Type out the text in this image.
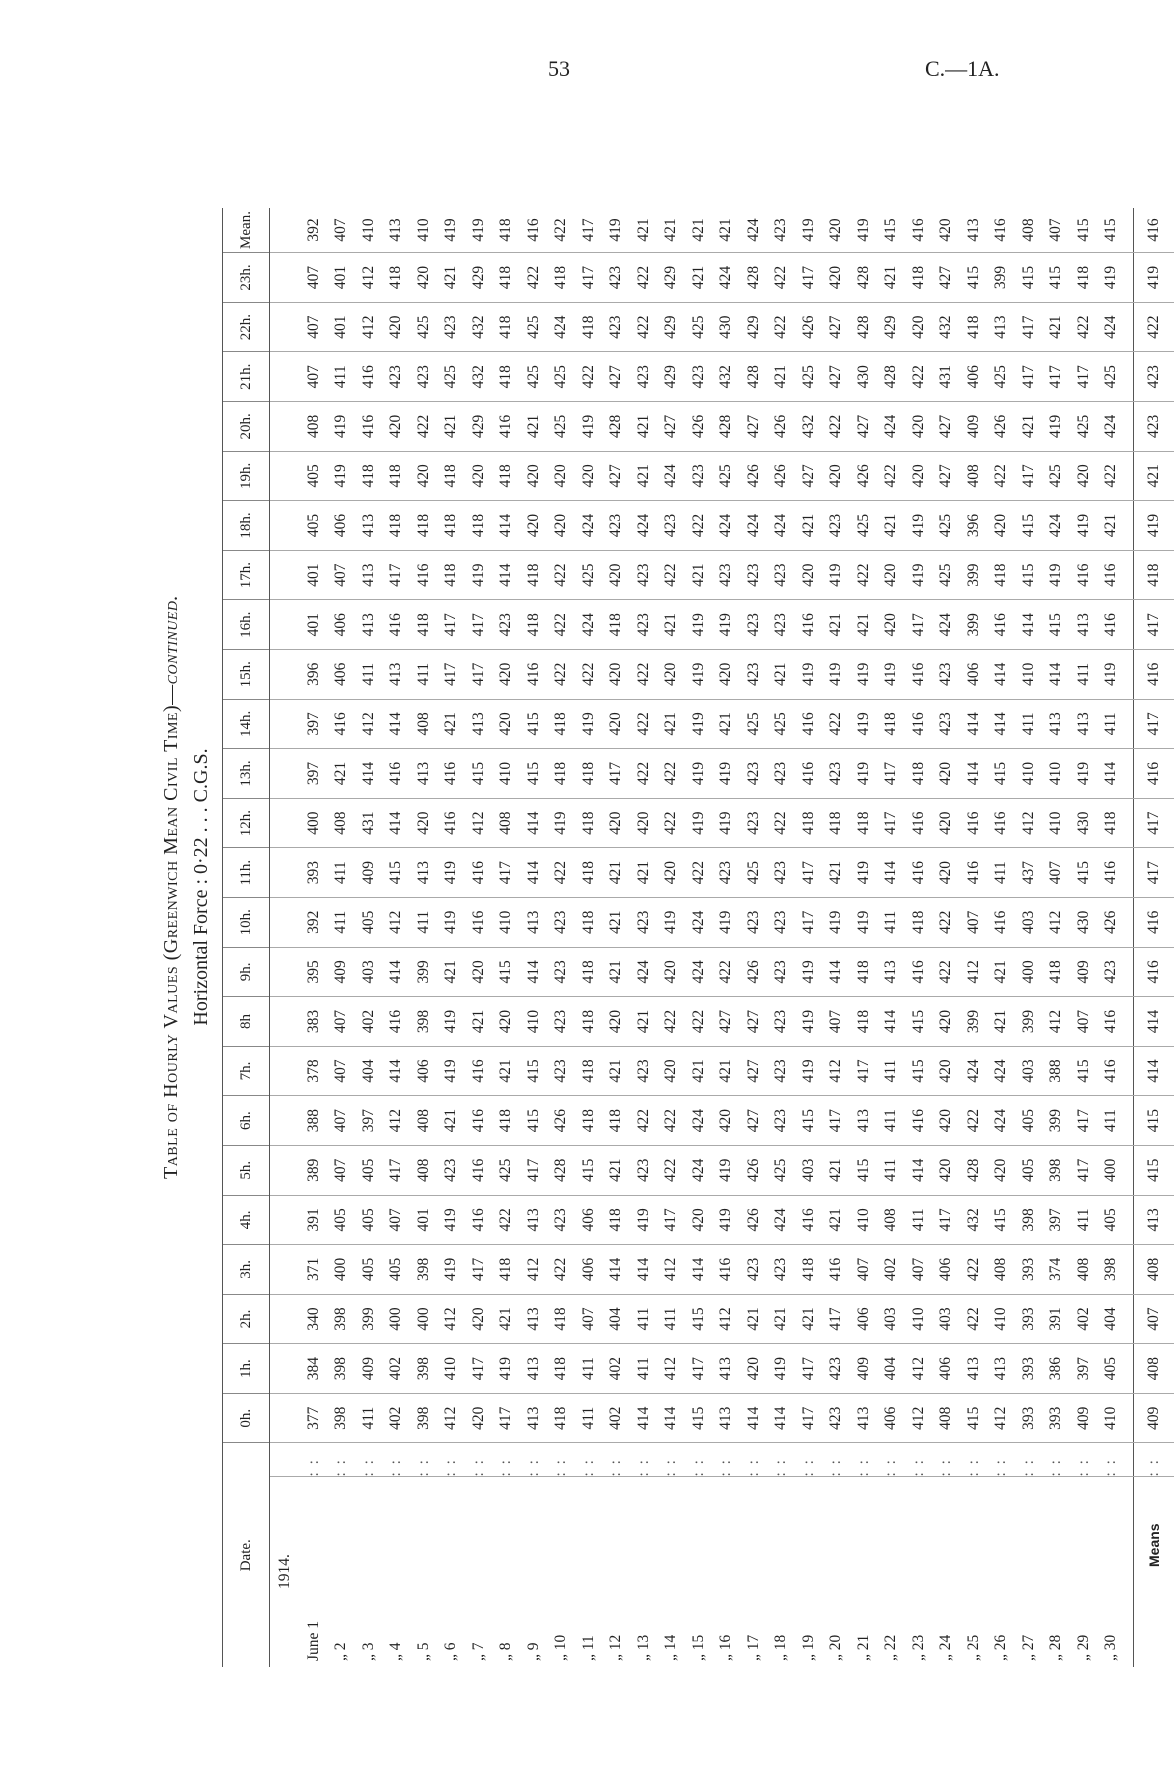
53	C.—1A.
Table of Hourly Values (Greenwich Mean Civil Time)—continued.
Horizontal Force : 0·22 . . . C.G.S.
Date.		0h.	1h.	2h.	3h.	4h.	5h.	6h.	7h.	8h	9h.	10h.	11h.	12h.	13h.	14h.	15h.	16h.	17h.	18h.	19h.	20h.	21h.	22h.	23h.	Mean.
1914.																										
June 1	: :	377	384	340	371	391	389	388	378	383	395	392	393	400	397	397	396	401	401	405	405	408	407	407	407	392
„ 2	: :	398	398	398	400	405	407	407	407	407	409	411	411	408	421	416	406	406	407	406	419	419	411	401	401	407
„ 3	: :	411	409	399	405	405	405	397	404	402	403	405	409	431	414	412	411	413	413	413	418	416	416	412	412	410
„ 4	: :	402	402	400	405	407	417	412	414	416	414	412	415	414	416	414	413	416	417	418	418	420	423	420	418	413
„ 5	: :	398	398	400	398	401	408	408	406	398	399	411	413	420	413	408	411	418	416	418	420	422	423	425	420	410
„ 6	: :	412	410	412	419	419	423	421	419	419	421	419	419	416	416	421	417	417	418	418	418	421	425	423	421	419
„ 7	: :	420	417	420	417	416	416	416	416	421	420	416	416	412	415	413	417	417	419	418	420	429	432	432	429	419
„ 8	: :	417	419	421	418	422	425	418	421	420	415	410	417	408	410	420	420	423	414	414	418	416	418	418	418	418
„ 9	: :	413	413	413	412	413	417	415	415	410	414	413	414	414	415	415	416	418	418	420	420	421	425	425	422	416
„ 10	: :	418	418	418	422	423	428	426	423	423	423	423	422	419	418	418	422	422	422	420	420	425	425	424	418	422
„ 11	: :	411	411	407	406	406	415	418	418	418	418	418	418	418	418	419	422	424	425	424	420	419	422	418	417	417
„ 12	: :	402	402	404	414	418	421	418	421	420	421	421	421	420	417	420	420	418	420	423	427	428	427	423	423	419
„ 13	: :	414	411	411	414	419	423	422	423	421	424	423	421	420	422	422	422	423	423	424	421	421	423	422	422	421
„ 14	: :	414	412	411	412	417	422	422	420	422	420	419	420	422	422	421	420	421	422	423	424	427	429	429	429	421
„ 15	: :	415	417	415	414	420	424	424	421	422	424	424	422	419	419	419	419	419	421	422	423	426	423	425	421	421
„ 16	: :	413	413	412	416	419	419	420	421	427	422	419	423	419	419	421	420	419	423	424	425	428	432	430	424	421
„ 17	: :	414	420	421	423	426	426	427	427	427	426	423	425	423	423	425	423	423	423	424	426	427	428	429	428	424
„ 18	: :	414	419	421	423	424	425	423	423	423	423	423	423	422	423	425	421	423	423	424	426	426	421	422	422	423
„ 19	: :	417	417	421	418	416	403	415	419	419	419	417	417	418	416	416	419	416	420	421	427	432	425	426	417	419
„ 20	: :	423	423	417	416	421	421	417	412	407	414	419	421	418	423	422	419	421	419	423	420	422	427	427	420	420
„ 21	: :	413	409	406	407	410	415	413	417	418	418	419	419	418	419	419	419	421	422	425	426	427	430	428	428	419
„ 22	: :	406	404	403	402	408	411	411	411	414	413	411	414	417	417	418	419	420	420	421	422	424	428	429	421	415
„ 23	: :	412	412	410	407	411	414	416	415	415	416	418	416	416	418	416	416	417	419	419	420	420	422	420	418	416
„ 24	: :	408	406	403	406	417	420	420	420	420	422	422	420	420	420	423	423	424	425	425	427	427	431	432	427	420
„ 25	: :	415	413	422	422	432	428	422	424	399	412	407	416	416	414	414	406	399	399	396	408	409	406	418	415	413
„ 26	: :	412	413	410	408	415	420	424	424	421	421	416	411	416	415	414	414	416	418	420	422	426	425	413	399	416
„ 27	: :	393	393	393	393	398	405	405	403	399	400	403	437	412	410	411	410	414	415	415	417	421	417	417	415	408
„ 28	: :	393	386	391	374	397	398	399	388	412	418	412	407	410	410	413	414	415	419	424	425	419	417	421	415	407
„ 29	: :	409	397	402	408	411	417	417	415	407	409	430	415	430	419	413	411	413	416	419	420	425	417	422	418	415
„ 30	: :	410	405	404	398	405	400	411	416	416	423	426	416	418	414	411	419	416	416	421	422	424	425	424	419	415

Means	: :	409	408	407	408	413	415	415	414	414	416	416	417	417	416	417	416	417	418	419	421	423	423	422	419	416
